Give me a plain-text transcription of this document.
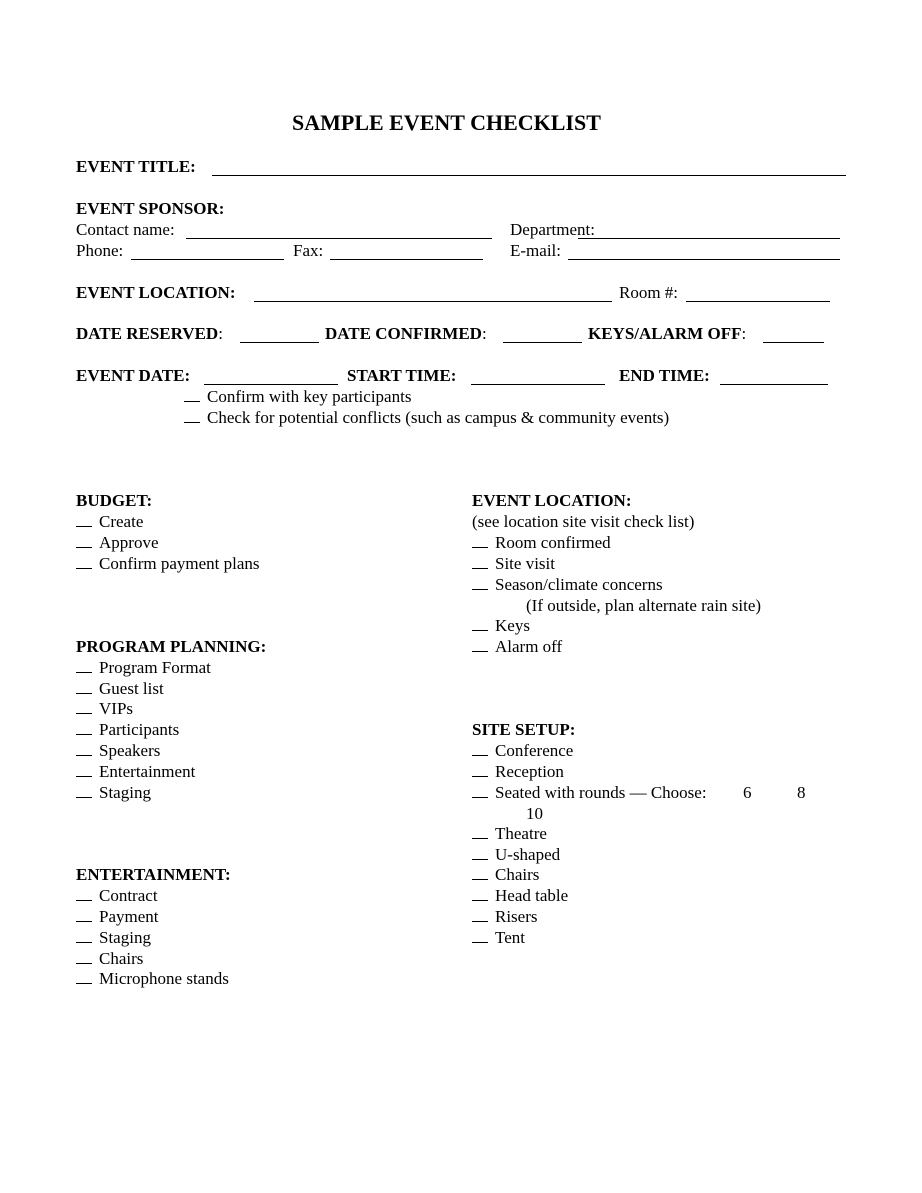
SAMPLE EVENT CHECKLIST
EVENT TITLE:
EVENT SPONSOR:
Contact name:	Department:
Phone:	Fax:	E-mail:
EVENT LOCATION:	Room #:
DATE RESERVED:	DATE CONFIRMED:	KEYS/ALARM OFF:
EVENT DATE:	START TIME:	END TIME:
Confirm with key participants
Check for potential conflicts (such as campus & community events)
BUDGET:
Create
Approve
Confirm payment plans
PROGRAM PLANNING:
Program Format
Guest list
VIPs
Participants
Speakers
Entertainment
Staging
ENTERTAINMENT:
Contract
Payment
Staging
Chairs
Microphone stands
EVENT LOCATION:
(see location site visit check list)
Room confirmed
Site visit
Season/climate concerns
(If outside, plan alternate rain site)
Keys
Alarm off
SITE SETUP:
Conference
Reception
Seated with rounds — Choose: 6	8
10
Theatre
U-shaped
Chairs
Head table
Risers
Tent
